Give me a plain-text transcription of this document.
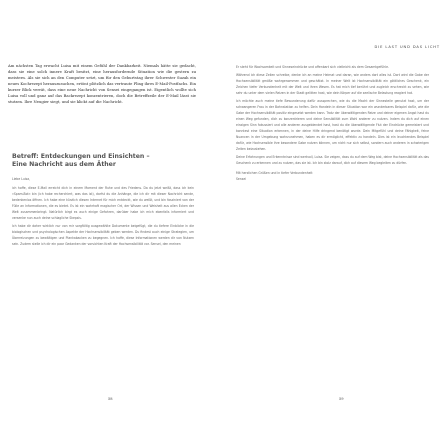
Am nächsten Tag erwacht Luisa mit einem Gefühl der Dankbarkeit. Niemals hätte sie gedacht, dass sie eine solch innere Kraft besitzt, eine herausfordernde Situation wie die gestern zu meistern. Als sie sich an den Computer setzt, um für den Geburtstag ihrer Schwester Suzah ein neues Kochrezept herauszusuchen, ertönt plötzlich das vertraute Pling ihres E-Mail-Postfachs. Ein kurzer Blick verrät, dass eine neue Nachricht von Sensei eingegangen ist. Eigentlich wollte sich Luisa voll und ganz auf das Backrezept konzentrieren, doch die Betreffzeile der E-Mail lässt sie stutzen. Ihre Neugier siegt, und sie klickt auf die Nachricht.

Betreff: Entdeckungen und Einsichten –
Eine Nachricht aus dem Äther

Liebe Luisa,

ich hoffe, diese E-Mail erreicht dich in einem Moment der Ruhe und des Friedens. Da du jetzt weißt, dass ich kein »Spam-Bot« bin (ich habe recherchiert, was das ist), darfst du die Anhänge, die ich dir mit dieser Nachricht sende, bedenkenlos öffnen. Ich habe eine kürzlich diesen Internet für mich entdeckt, wie du weißt, und bin fasziniert von der Fülle an Informationen, die es bietet. Es ist ein wahrhaft magischer Ort, der Wissen und Weisheit aus allen Ecken der Welt zusammenbringt. Natürlich birgt es auch einige Gefahren, darüber habe ich mich ebenfalls informiert und versenke nun auch deine schlagliche Skepsis.

Ich habe dir daher wirklich nur von mir sorgfältig ausgewählte Dokumente beigefügt, die du tiefere Einblicke in die biologischen und psychologischen Aspekte der Hochsensibilität geben werden. Du findest auch einige Strategien, um Überreizungen zu bewältigen und Plankabacken zu begegnen. Ich hoffe, diese Informationen werden dir von Nutzen sein. Zudem stelle ich dir ein paar Gedanken der vorsichten Kraft der Hochsensibilität vor. Sensei, den meinen

58
DIE LAST UND DAS LICHT

Er steht für Wachsamkeit und Sinneseindrücke und offenbart sich vielleicht als dem Gesamtgefühle.

Während ich diese Zeilen schreibe, denke ich an meine Heimat und daran, wie anders dort alles ist. Dort wird die Gabe der Hochsensibilität gmöße wahrgenommen und geschätzt. In meiner Welt ist Hochsensibilität ein göttliches Geschenk, ein Zeichen tiefer Verbundenheit mit der Welt und ihren Wesen. Es hat mich tief berührt und zugleich erschreckt zu sehen, wie sehr du unter dem vielen Reizen in der Stadt gelitten hast, wie dein Körper auf die seelische Belastung reagiert hat.

Ich möchte auch meine tiefe Bewunderung dafür aussprechen, wie du die Macht der Sinnesteile genutzt hast, um der schwangeren Frau in der Bahnstation zu helfen. Dein Handeln in dieser Situation war ein wunderbares Beispiel dafür, wie die Gabe der Hochsensibilität positiv eingesetzt werden kann. Trotz der überwältigenden Reize und deiner eigenen Angst hast du einen Weg gefunden, dich zu konzentrieren und deine Sensibilität zum Wohl anderer zu nutzen. Indem du dich auf einen einzigen Sinn fokussiert und alle anderen ausgeblendet hast, hast du die überwältigende Flut der Eindrücke gemeistert und konntest eine Situation erkennen, in der deine Hilfe dringend benötigt wurde. Dein Mitgefühl und deine Fähigkeit, feine Nuancen in der Umgebung wahrzunehmen, haben es dir ermöglicht, effektiv zu handeln. Dies ist ein leuchtendes Beispiel dafür, wie Hochsensible ihre besondere Gabe nutzen können, um nicht nur sich selbst, sondern auch anderen in schwierigen Zeiten beizustehen.

Deine Erfahrungen und Erkenntnisse sind wertvoll, Luisa. Sie zeigen, dass du auf dem Weg bist, deine Hochsensibilität als das Geschenk zu erkennen und zu nutzen, das sie ist. Ich bin stolz darauf, dich auf diesem Weg begleiten zu dürfen.

Mit herzlichen Grüßen und in tiefer Verbundenheit

Sensei

59
